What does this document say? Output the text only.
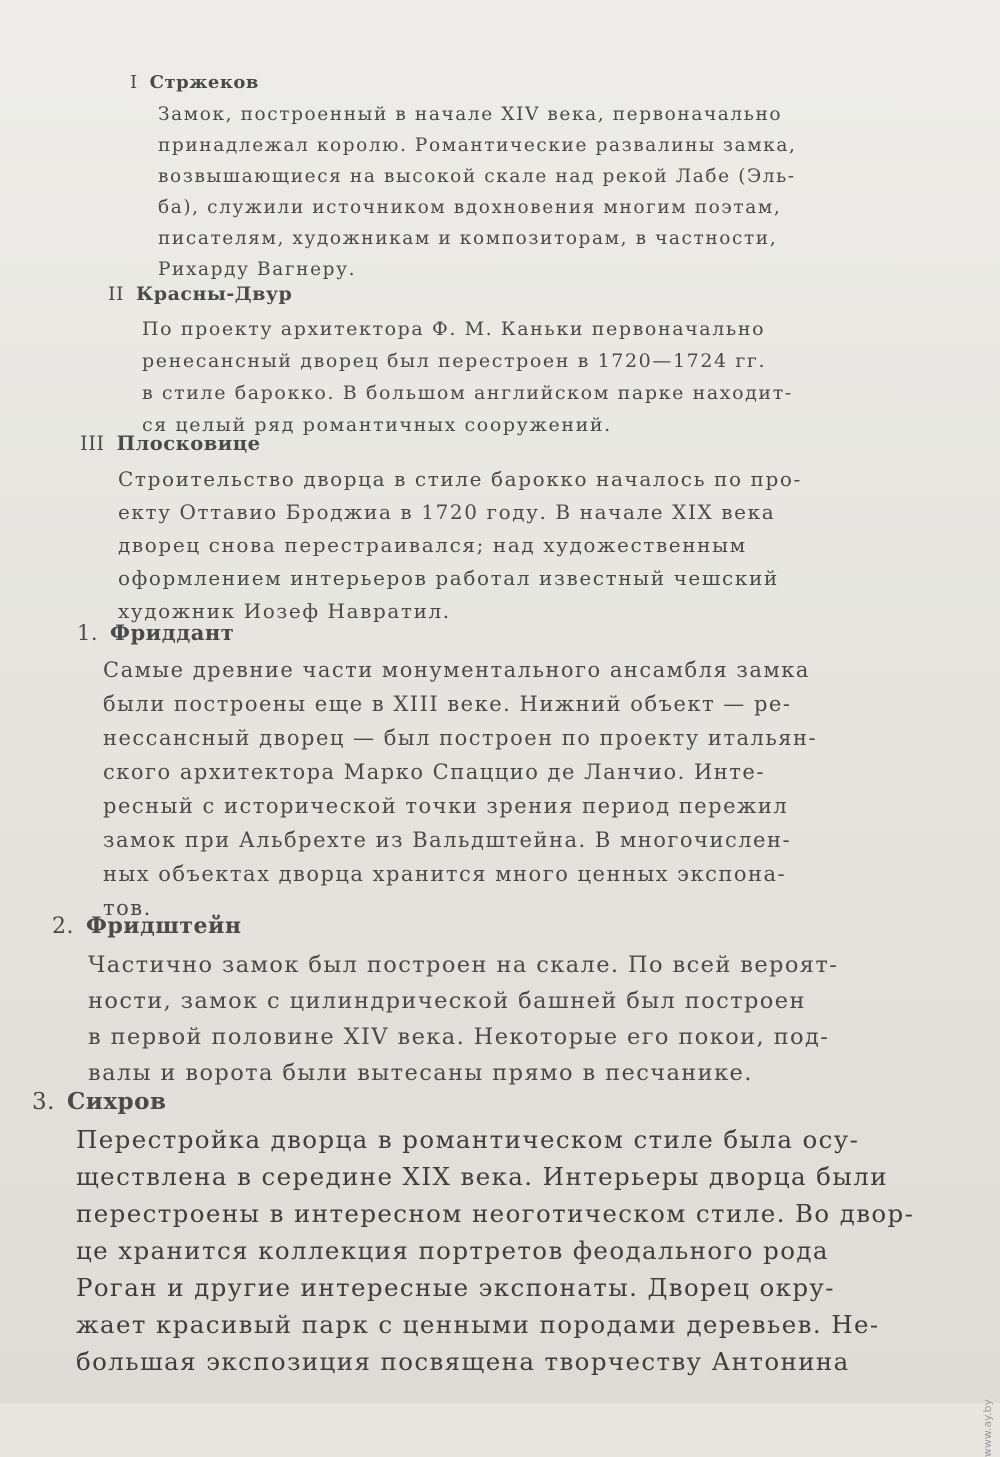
I Стржеков
Замок, построенный в начале XIV века, первоначально
принадлежал королю. Романтические развалины замка,
возвышающиеся на высокой скале над рекой Лабе (Эль-
ба), служили источником вдохновения многим поэтам,
писателям, художникам и композиторам, в частности,
Рихарду Вагнеру.
II Красны-Двур
По проекту архитектора Ф. М. Каньки первоначально
ренесансный дворец был перестроен в 1720—1724 гг.
в стиле барокко. В большом английском парке находит-
ся целый ряд романтичных сооружений.
III Плосковице
Строительство дворца в стиле барокко началось по про-
екту Оттавио Броджиа в 1720 году. В начале XIX века
дворец снова перестраивался; над художественным
оформлением интерьеров работал известный чешский
художник Иозеф Навратил.
1. Фриддант
Самые древние части монументального ансамбля замка
были построены еще в XIII веке. Нижний объект — ре-
нессансный дворец — был построен по проекту итальян-
ского архитектора Марко Спаццио де Ланчио. Инте-
ресный с исторической точки зрения период пережил
замок при Альбрехте из Вальдштейна. В многочислен-
ных объектах дворца хранится много ценных экспона-
тов.
2. Фридштейн
Частично замок был построен на скале. По всей вероят-
ности, замок с цилиндрической башней был построен
в первой половине XIV века. Некоторые его покои, под-
валы и ворота были вытесаны прямо в песчанике.
3. Сихров
Перестройка дворца в романтическом стиле была осу-
ществлена в середине XIX века. Интерьеры дворца были
перестроены в интересном неоготическом стиле. Во двор-
це хранится коллекция портретов феодального рода
Роган и другие интересные экспонаты. Дворец окру-
жает красивый парк с ценными породами деревьев. Не-
большая экспозиция посвящена творчеству Антонина
www.ay.by
